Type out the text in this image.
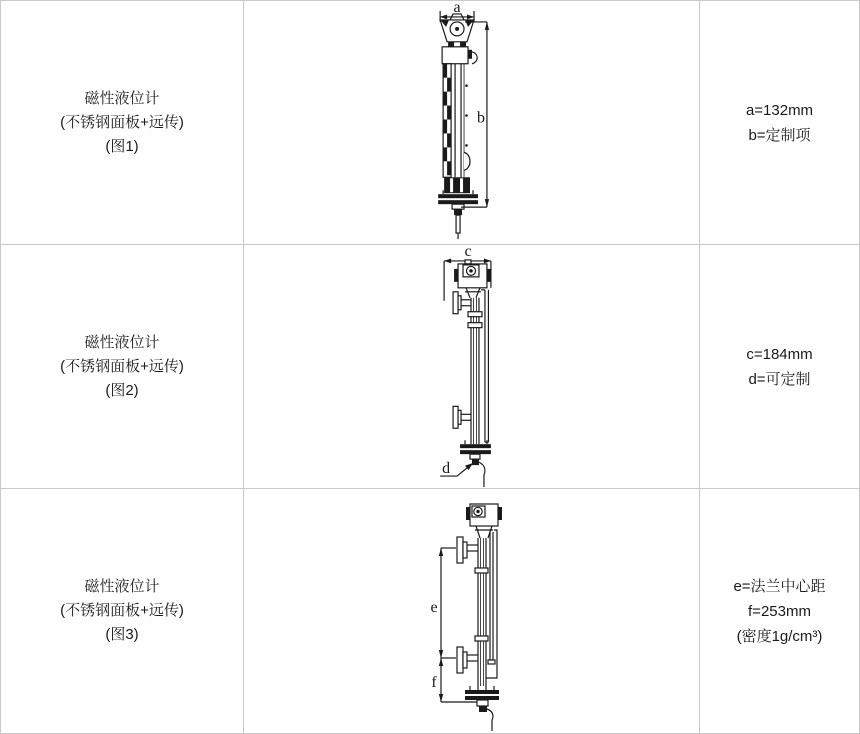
磁性液位计
(不锈钢面板+远传)
(图1)
a
b	a=132mm
b=定制项
磁性液位计
(不锈钢面板+远传)
(图2)
c
d
c=184mm
d=可定制
磁性液位计
(不锈钢面板+远传)
(图3)
e
f
e=法兰中心距
f=253mm
(密度1g/cm³)
